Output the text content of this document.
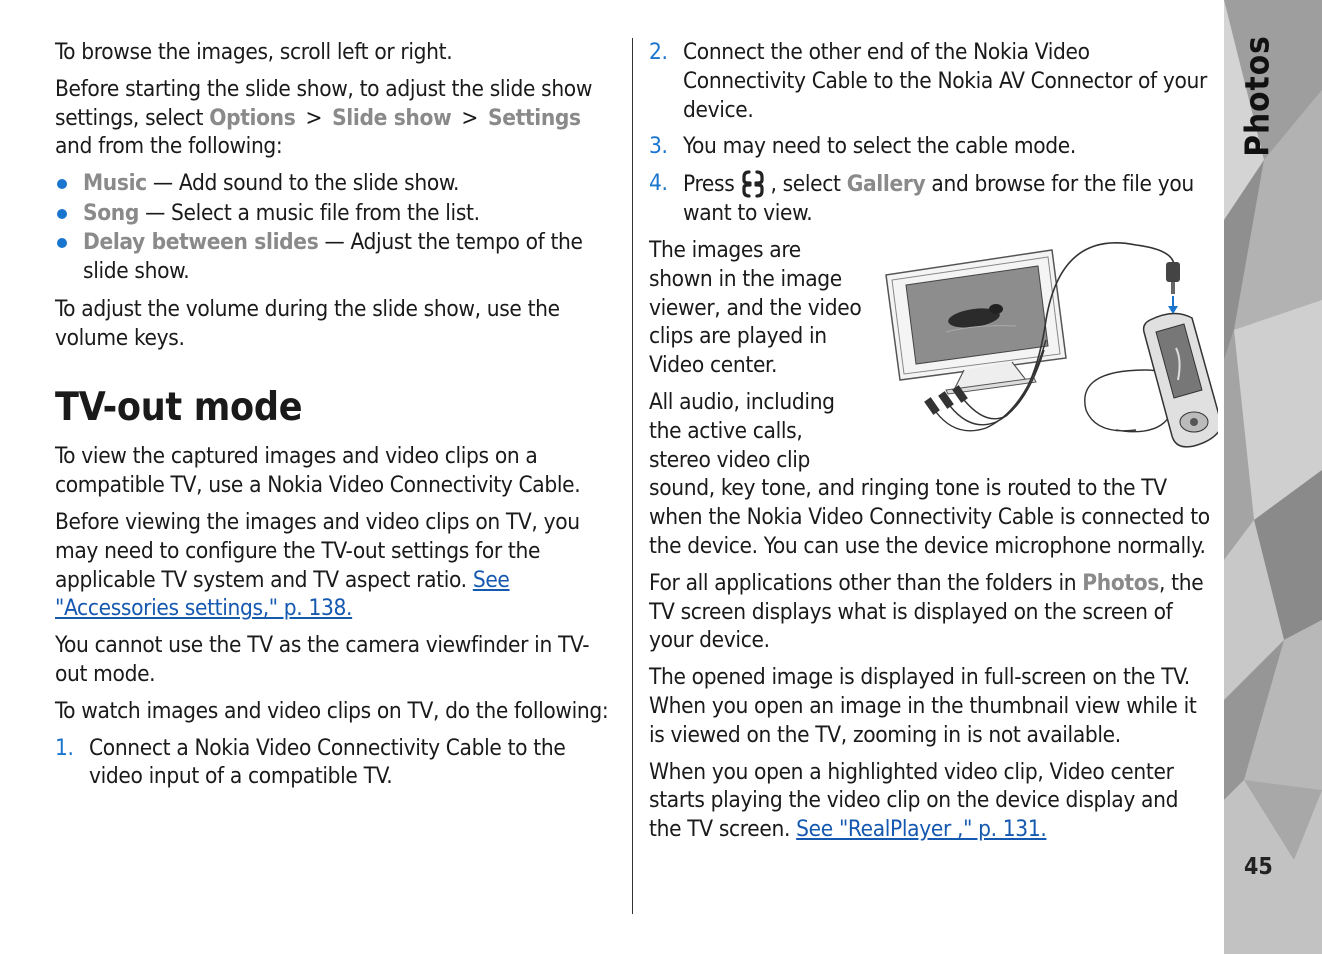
To browse the images, scroll left or right.

Before starting the slide show, to adjust the slide show settings, select Options > Slide show > Settings and from the following:

Music — Add sound to the slide show.
Song — Select a music file from the list.
Delay between slides — Adjust the tempo of the slide show.

To adjust the volume during the slide show, use the volume keys.

TV-out mode

To view the captured images and video clips on a compatible TV, use a Nokia Video Connectivity Cable.

Before viewing the images and video clips on TV, you may need to configure the TV-out settings for the applicable TV system and TV aspect ratio. See "Accessories settings," p. 138.

You cannot use the TV as the camera viewfinder in TV-out mode.

To watch images and video clips on TV, do the following:

1. Connect a Nokia Video Connectivity Cable to the video input of a compatible TV.
2. Connect the other end of the Nokia Video Connectivity Cable to the Nokia AV Connector of your device.
3. You may need to select the cable mode.
4. Press , select Gallery and browse for the file you want to view.

The images are shown in the image viewer, and the video clips are played in Video center.

All audio, including the active calls, stereo video clip sound, key tone, and ringing tone is routed to the TV when the Nokia Video Connectivity Cable is connected to the device. You can use the device microphone normally.

For all applications other than the folders in Photos, the TV screen displays what is displayed on the screen of your device.

The opened image is displayed in full-screen on the TV. When you open an image in the thumbnail view while it is viewed on the TV, zooming in is not available.

When you open a highlighted video clip, Video center starts playing the video clip on the device display and the TV screen. See "RealPlayer ," p. 131.

Photos
45
